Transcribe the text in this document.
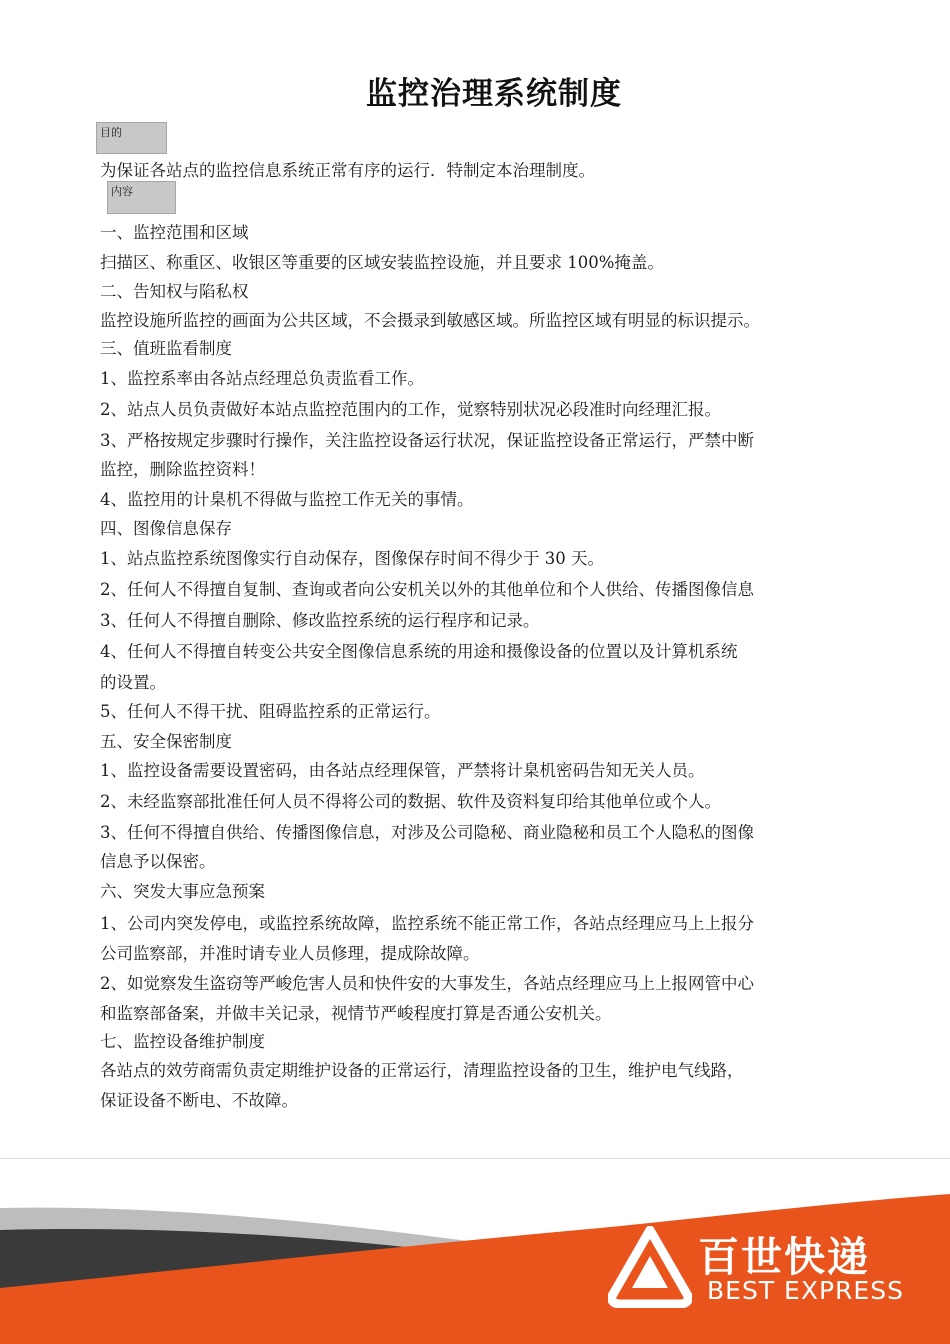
监控治理系统制度
目的
内容
为保证各站点的监控信息系统正常有序的运行．特制定本治理制度。
一、监控范围和区域
扫描区、称重区、收银区等重要的区域安装监控设施，并且要求 100%掩盖。
二、告知权与陷私权
监控设施所监控的画面为公共区域，不会摄录到敏感区域。所监控区域有明显的标识提示。
三、值班监看制度
1、监控系率由各站点经理总负责监看工作。
2、站点人员负责做好本站点监控范围内的工作，觉察特别状况必段准时向经理汇报。
3、严格按规定步骤时行操作，关注监控设备运行状况，保证监控设备正常运行，严禁中断
监控，删除监控资料！
4、监控用的计臬机不得做与监控工作无关的事情。
四、图像信息保存
1、站点监控系统图像实行自动保存，图像保存时间不得少于 30 天。
2、任何人不得擅自复制、查询或者向公安机关以外的其他单位和个人供给、传播图像信息
3、任何人不得擅自删除、修改监控系统的运行程序和记录。
4、任何人不得擅自转变公共安全图像信息系统的用途和摄像设备的位置以及计算机系统
的设置。
5、任何人不得干扰、阻碍监控系的正常运行。
五、安全保密制度
1、监控设备需要设置密码，由各站点经理保管，严禁将计臬机密码告知无关人员。
2、未经监察部批准任何人员不得将公司的数据、软件及资料复印给其他单位或个人。
3、任何不得擅自供给、传播图像信息，对涉及公司隐秘、商业隐秘和员工个人隐私的图像
信息予以保密。
六、突发大事应急预案
1、公司内突发停电，或监控系统故障，监控系统不能正常工作，各站点经理应马上上报分
公司监察部，并准时请专业人员修理，提成除故障。
2、如觉察发生盗窃等严峻危害人员和快件安的大事发生，各站点经理应马上上报网管中心
和监察部备案，并做丰关记录，视情节严峻程度打算是否通公安机关。
七、监控设备维护制度
各站点的效劳商需负责定期维护设备的正常运行，清理监控设备的卫生，维护电气线路，
保证设备不断电、不故障。
百世快递
® BEST EXPRESS
